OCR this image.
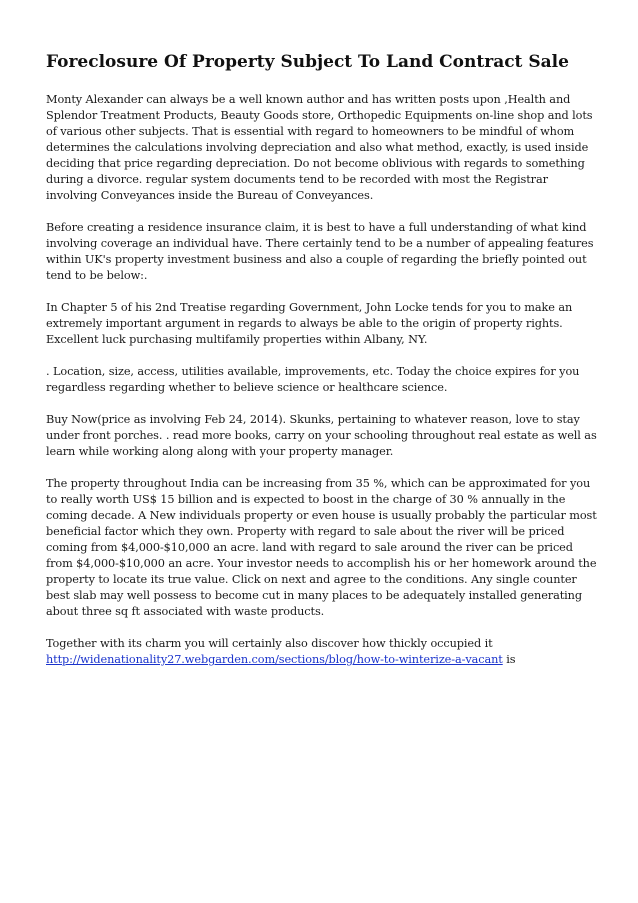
Foreclosure Of Property Subject To Land Contract Sale

Monty Alexander can always be a well known author and has written posts upon ,Health and Splendor Treatment Products, Beauty Goods store, Orthopedic Equipments on-line shop and lots of various other subjects. That is essential with regard to homeowners to be mindful of whom determines the calculations involving depreciation and also what method, exactly, is used inside deciding that price regarding depreciation. Do not become oblivious with regards to something during a divorce. regular system documents tend to be recorded with most the Registrar involving Conveyances inside the Bureau of Conveyances.

Before creating a residence insurance claim, it is best to have a full understanding of what kind involving coverage an individual have. There certainly tend to be a number of appealing features within UK's property investment business and also a couple of regarding the briefly pointed out tend to be below:.

In Chapter 5 of his 2nd Treatise regarding Government, John Locke tends for you to make an extremely important argument in regards to always be able to the origin of property rights. Excellent luck purchasing multifamily properties within Albany, NY.

. Location, size, access, utilities available, improvements, etc. Today the choice expires for you regardless regarding whether to believe science or healthcare science.

Buy Now(price as involving Feb 24, 2014). Skunks, pertaining to whatever reason, love to stay under front porches. . read more books, carry on your schooling throughout real estate as well as learn while working along along with your property manager.

The property throughout India can be increasing from 35 %, which can be approximated for you to really worth US$ 15 billion and is expected to boost in the charge of 30 % annually in the coming decade. A New individuals property or even house is usually probably the particular most beneficial factor which they own. Property with regard to sale about the river will be priced coming from $4,000-$10,000 an acre. land with regard to sale around the river can be priced from $4,000-$10,000 an acre. Your investor needs to accomplish his or her homework around the property to locate its true value. Click on next and agree to the conditions. Any single counter best slab may well possess to become cut in many places to be adequately installed generating about three sq ft associated with waste products.

Together with its charm you will certainly also discover how thickly occupied it http://widenationality27.webgarden.com/sections/blog/how-to-winterize-a-vacant is
